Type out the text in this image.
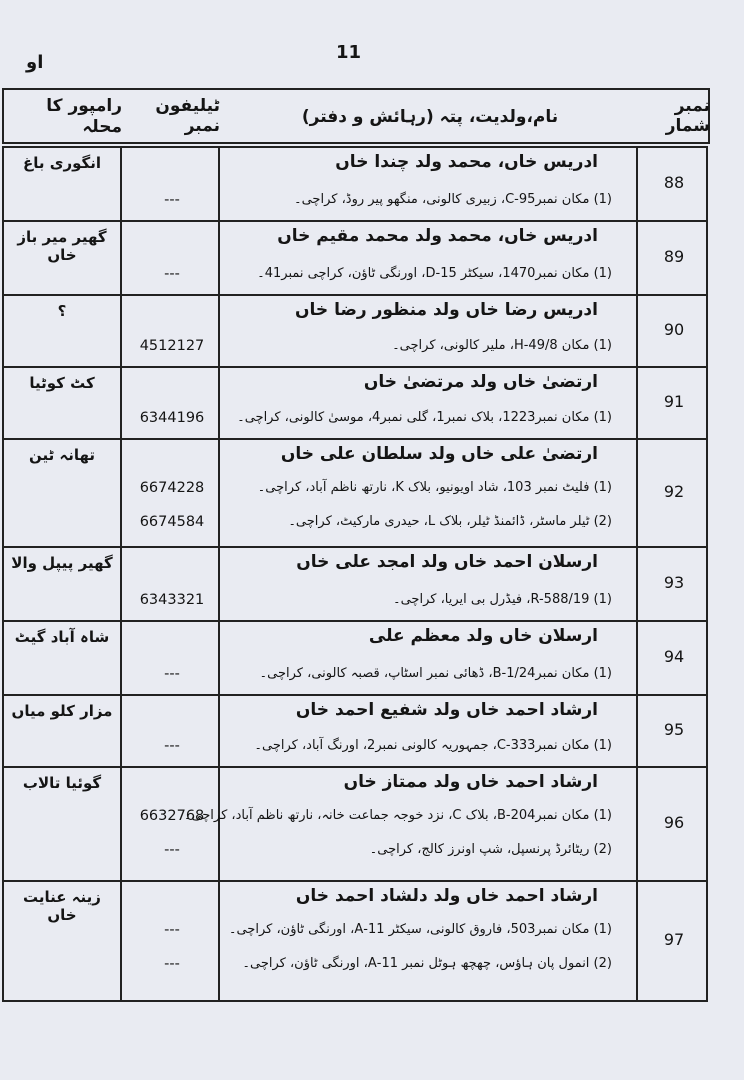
11
او
رامپور کا محلہ
ٹیلیفون نمبر	نام،ولدیت، پتہ (رہائش و دفتر)
نمبر شمار
88
ادریس خاں، محمد ولد چندا خاں
انگوری باغ
(1) مکان نمبرC-95، زبیری کالونی، منگھو پیر روڈ، کراچی۔
---
89
ادریس خاں، محمد ولد محمد مقیم خاں
گھیر میر باز خاں
(1) مکان نمبر1470، سیکٹر 15-D، اورنگی ٹاؤن، کراچی نمبر41۔
---
90
ادریس رضا خاں ولد منظور رضا خاں
؟
(1) مکان H-49/8، ملیر کالونی، کراچی۔
4512127
91
ارتضیٰ خاں ولد مرتضیٰ خاں
کٹ کوٹیا
(1) مکان نمبر1223، بلاک نمبر1، گلی نمبر4، موسیٰ کالونی، کراچی۔
6344196
92
ارتضیٰ علی خاں ولد سلطان علی خاں
تھانہ ٹین
(1) فلیٹ نمبر 103، شاد اویونیو، بلاک K، نارتھ ناظم آباد، کراچی۔
6674228
(2) ٹیلر ماسٹر، ڈائمنڈ ٹیلر، بلاک L، حیدری مارکیٹ، کراچی۔
6674584
93
ارسلان احمد خاں ولد امجد علی خاں
گھیر پیپل والا
(1) R-588/19، فیڈرل بی ایریا، کراچی۔
6343321
94
ارسلان خاں ولد معظم علی
شاہ آباد گیٹ
(1) مکان نمبرB-1/24، ڈھائی نمبر اسٹاپ، قصبہ کالونی، کراچی۔
---
95
ارشاد احمد خاں ولد شفیع احمد خاں
مزار کلو میاں
(1) مکان نمبرC-333، جمہوریہ کالونی نمبر2، اورنگ آباد، کراچی۔
---
96
ارشاد احمد خاں ولد ممتاز خاں
گوئیا تالاب
(1) مکان نمبرB-204، بلاک C، نزد خوجہ جماعت خانہ، نارتھ ناظم آباد، کراچی۔
6632768
(2) ریٹائرڈ پرنسپل، شپ اونرز کالج، کراچی۔
---
97
ارشاد احمد خاں ولد دلشاد احمد خاں
زینہ عنایت خاں
(1) مکان نمبر503، فاروق کالونی، سیکٹر 11-A، اورنگی ٹاؤن، کراچی۔
---
(2) انمول پان ہاؤس، چھچھ ہوٹل نمبر 11-A، اورنگی ٹاؤن، کراچی۔
---
